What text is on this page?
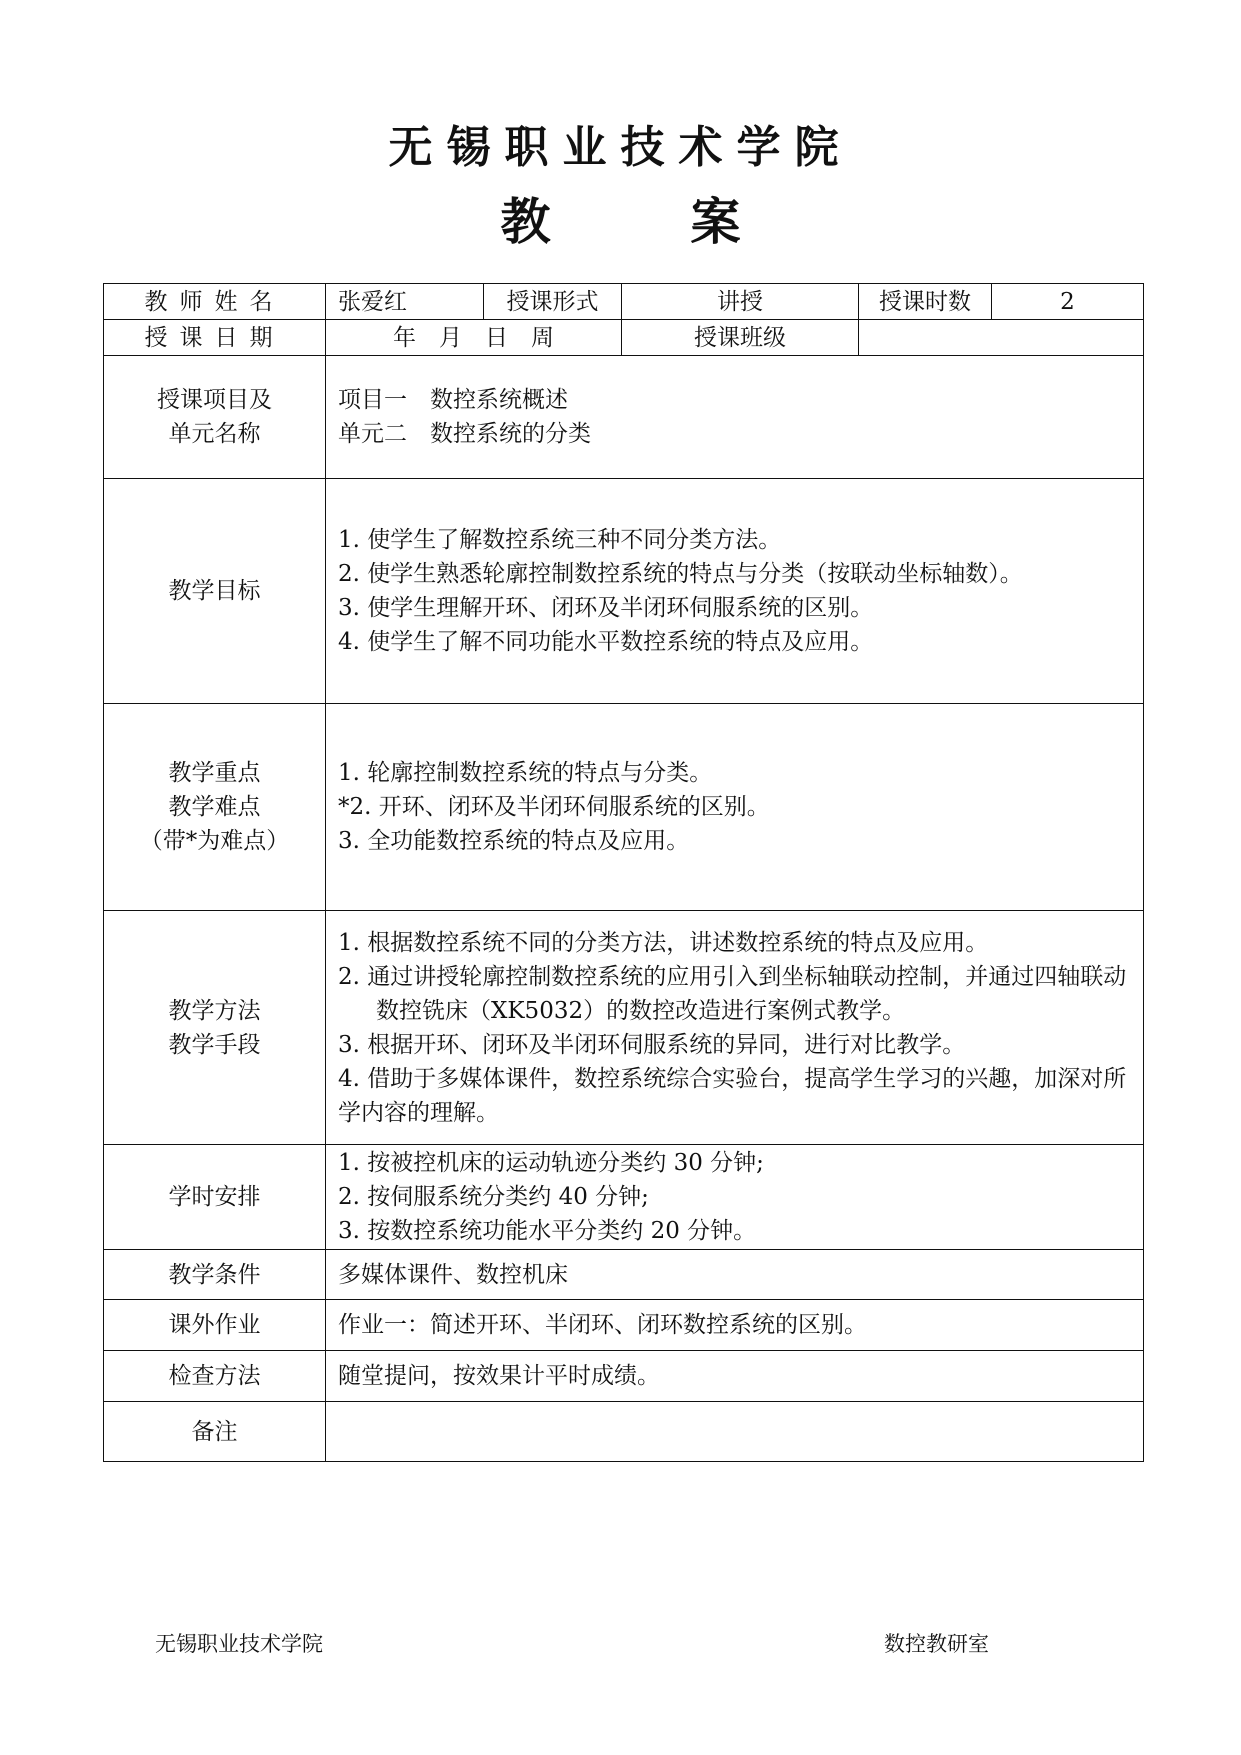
无锡职业技术学院
教	案
教师姓名	张爱红	授课形式	讲授	授课时数	2
授课日期	年　月　日　周		授课班级		

授课项目及
单元名称	项目一　数控系统概述
单元二　数控系统的分类				

教学目标	1. 使学生了解数控系统三种不同分类方法。
2. 使学生熟悉轮廓控制数控系统的特点与分类（按联动坐标轴数）。
3. 使学生理解开环、闭环及半闭环伺服系统的区别。
4. 使学生了解不同功能水平数控系统的特点及应用。				

教学重点
教学难点
（带*为难点）	1. 轮廓控制数控系统的特点与分类。
*2. 开环、闭环及半闭环伺服系统的区别。
3. 全功能数控系统的特点及应用。				

教学方法
教学手段	1. 根据数控系统不同的分类方法，讲述数控系统的特点及应用。
2. 通过讲授轮廓控制数控系统的应用引入到坐标轴联动控制，并通过四轴联动数控铣床（XK5032）的数控改造进行案例式教学。
3. 根据开环、闭环及半闭环伺服系统的异同，进行对比教学。
4. 借助于多媒体课件，数控系统综合实验台，提高学生学习的兴趣，加深对所学内容的理解。				

学时安排	1. 按被控机床的运动轨迹分类约 30 分钟;
2. 按伺服系统分类约 40 分钟;
3. 按数控系统功能水平分类约 20 分钟。				

教学条件	多媒体课件、数控机床				
课外作业	作业一：简述开环、半闭环、闭环数控系统的区别。				
检查方法	随堂提问，按效果计平时成绩。				
备注					
无锡职业技术学院	数控教研室
